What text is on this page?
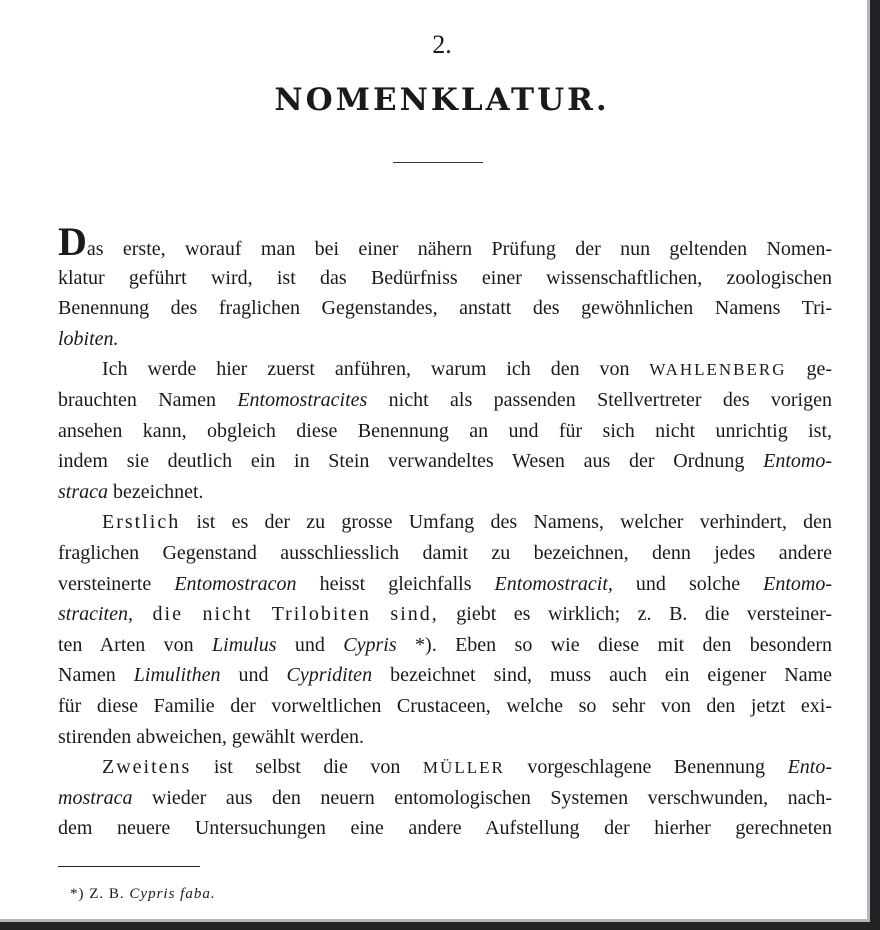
2.
NOMENKLATUR.
Das erste, worauf man bei einer nähern Prüfung der nun geltenden Nomen-
klatur geführt wird, ist das Bedürfniss einer wissenschaftlichen, zoologischen
Benennung des fraglichen Gegenstandes, anstatt des gewöhnlichen Namens Tri-
lobiten.
Ich werde hier zuerst anführen, warum ich den von WAHLENBERG ge-
brauchten Namen Entomostracites nicht als passenden Stellvertreter des vorigen
ansehen kann, obgleich diese Benennung an und für sich nicht unrichtig ist,
indem sie deutlich ein in Stein verwandeltes Wesen aus der Ordnung Entomo-
straca bezeichnet.
Erstlich ist es der zu grosse Umfang des Namens, welcher verhindert, den
fraglichen Gegenstand ausschliesslich damit zu bezeichnen, denn jedes andere
versteinerte Entomostracon heisst gleichfalls Entomostracit, und solche Entomo-
straciten, die nicht Trilobiten sind, giebt es wirklich; z. B. die versteiner-
ten Arten von Limulus und Cypris *). Eben so wie diese mit den besondern
Namen Limulithen und Cypriditen bezeichnet sind, muss auch ein eigener Name
für diese Familie der vorweltlichen Crustaceen, welche so sehr von den jetzt exi-
stirenden abweichen, gewählt werden.
Zweitens ist selbst die von MÜLLER vorgeschlagene Benennung Ento-
mostraca wieder aus den neuern entomologischen Systemen verschwunden, nach-
dem neuere Untersuchungen eine andere Aufstellung der hierher gerechneten
*) Z. B. Cypris faba.
